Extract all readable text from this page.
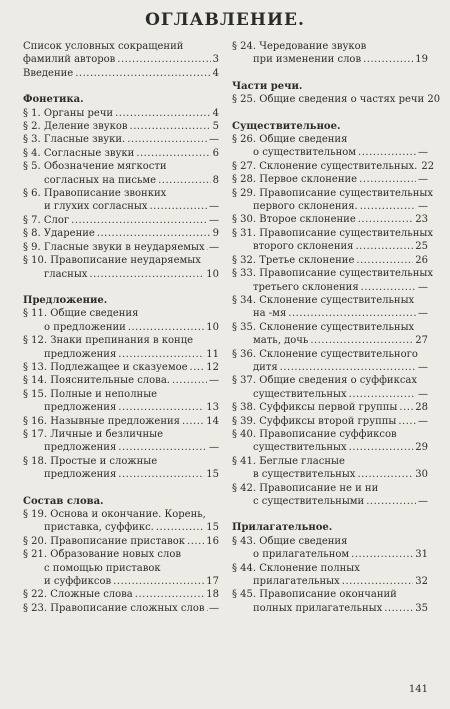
ОГЛАВЛЕНИЕ.
Список условных сокращений
фамилий авторов .....	3
Введение .....	4
Фонетика.
§ 1. Органы речи .....	4
§ 2. Деление звуков .....	5
§ 3. Гласные звуки. .....	—
§ 4. Согласные звуки .....	6
§ 5. Обозначение мягкости
согласных на письме .....	8
§ 6. Правописание звонких
и глухих согласных .....	—
§ 7. Слог .....	—
§ 8. Ударение .....	9
§ 9. Гласные звуки в неударяемых ..... —
§ 10. Правописание неударяемых
гласных .....	10
Предложение.
§ 11. Общие сведения
о предложении .....	10
§ 12. Знаки препинания в конце
предложения .....	11
§ 13. Подлежащее и сказуемое ..... 12
§ 14. Пояснительные слова. .....	—
§ 15. Полные и неполные
предложения .....	13
§ 16. Назывные предложения .....	14
§ 17. Личные и безличные
предложения .....	—
§ 18. Простые и сложные
предложения .....	15
Состав слова.
§ 19. Основа и окончание. Корень,
приставка, суффикс. .....	15
§ 20. Правописание приставок ..... 16
§ 21. Образование новых слов
с помощью приставок
и суффиксов .....	17
§ 22. Сложные слова .....	18
§ 23. Правописание сложных слов ..... —
§ 24. Чередование звуков
при изменении слов .....	19
Части речи.
§ 25. Общие сведения о частях речи 20
Существительное.
§ 26. Общие сведения
о существительном .....	—
§ 27. Склонение существительных. 22
§ 28. Первое склонение .....	—
§ 29. Правописание существительных
первого склонения. .....	—
§ 30. Второе склонение .....	23
§ 31. Правописание существительных
второго склонения .....	25
§ 32. Третье склонение .....	26
§ 33. Правописание существительных
третьего склонения .....	—
§ 34. Склонение существительных
на -мя .....	—
§ 35. Склонение существительных
мать, дочь .....	27
§ 36. Склонение существительного
дитя .....	—
§ 37. Общие сведения о суффиксах
существительных .....	—
§ 38. Суффиксы первой группы ..... 28
§ 39. Суффиксы второй группы ..... —
§ 40. Правописание суффиксов
существительных .....	29
§ 41. Беглые гласные
в существительных .....	30
§ 42. Правописание не и ни
с существительными .....	—
Прилагательное.
§ 43. Общие сведения
о прилагательном .....	31
§ 44. Склонение полных
прилагательных .....	32
§ 45. Правописание окончаний
полных прилагательных .....	35
141
